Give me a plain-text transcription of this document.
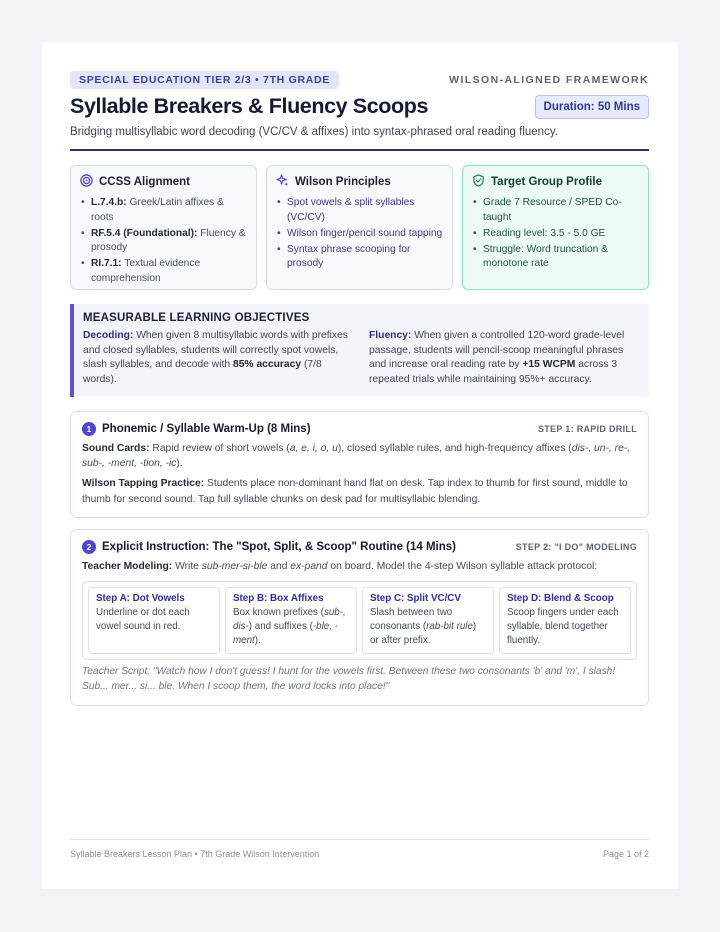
SPECIAL EDUCATION TIER 2/3 • 7TH GRADE	WILSON-ALIGNED FRAMEWORK
Syllable Breakers & Fluency Scoops	Duration: 50 Mins

Bridging multisyllabic word decoding (VC/CV & affixes) into syntax-phrased oral reading fluency.

CCSS Alignment
• L.7.4.b: Greek/Latin affixes & roots
• RF.5.4 (Foundational): Fluency & prosody
• RI.7.1: Textual evidence comprehension
Wilson Principles
• Spot vowels & split syllables (VC/CV)
• Wilson finger/pencil sound tapping
• Syntax phrase scooping for prosody
Target Group Profile
• Grade 7 Resource / SPED Co-taught
• Reading level: 3.5 - 5.0 GE
• Struggle: Word truncation & monotone rate
MEASURABLE LEARNING OBJECTIVES

Decoding: When given 8 multisyllabic words with prefixes and closed syllables, students will correctly spot vowels, slash syllables, and decode with 85% accuracy (7/8 words).

Fluency: When given a controlled 120-word grade-level passage, students will pencil-scoop meaningful phrases and increase oral reading rate by +15 WCPM across 3 repeated trials while maintaining 95%+ accuracy.

1 Phonemic / Syllable Warm-Up (8 Mins)	STEP 1: RAPID DRILL

Sound Cards: Rapid review of short vowels (a, e, i, o, u), closed syllable rules, and high-frequency affixes (dis-, un-, re-, sub-, -ment, -tion, -ic).

Wilson Tapping Practice: Students place non-dominant hand flat on desk. Tap index to thumb for first sound, middle to thumb for second sound. Tap full syllable chunks on desk pad for multisyllabic blending.

2 Explicit Instruction: The "Spot, Split, & Scoop" Routine (14 Mins)	STEP 2: "I DO" MODELING

Teacher Modeling: Write sub-mer-si-ble and ex-pand on board. Model the 4-step Wilson syllable attack protocol:

Step A: Dot Vowels
Underline or dot each vowel sound in red.
Step B: Box Affixes
Box known prefixes (sub-, dis-) and suffixes (-ble, -ment).
Step C: Split VC/CV
Slash between two consonants (rab-bit rule) or after prefix.
Step D: Blend & Scoop
Scoop fingers under each syllable, blend together fluently.

Teacher Script: "Watch how I don't guess! I hunt for the vowels first. Between these two consonants 'b' and 'm', I slash! Sub... mer... si... ble. When I scoop them, the word locks into place!"

Syllable Breakers Lesson Plan • 7th Grade Wilson Intervention	Page 1 of 2
